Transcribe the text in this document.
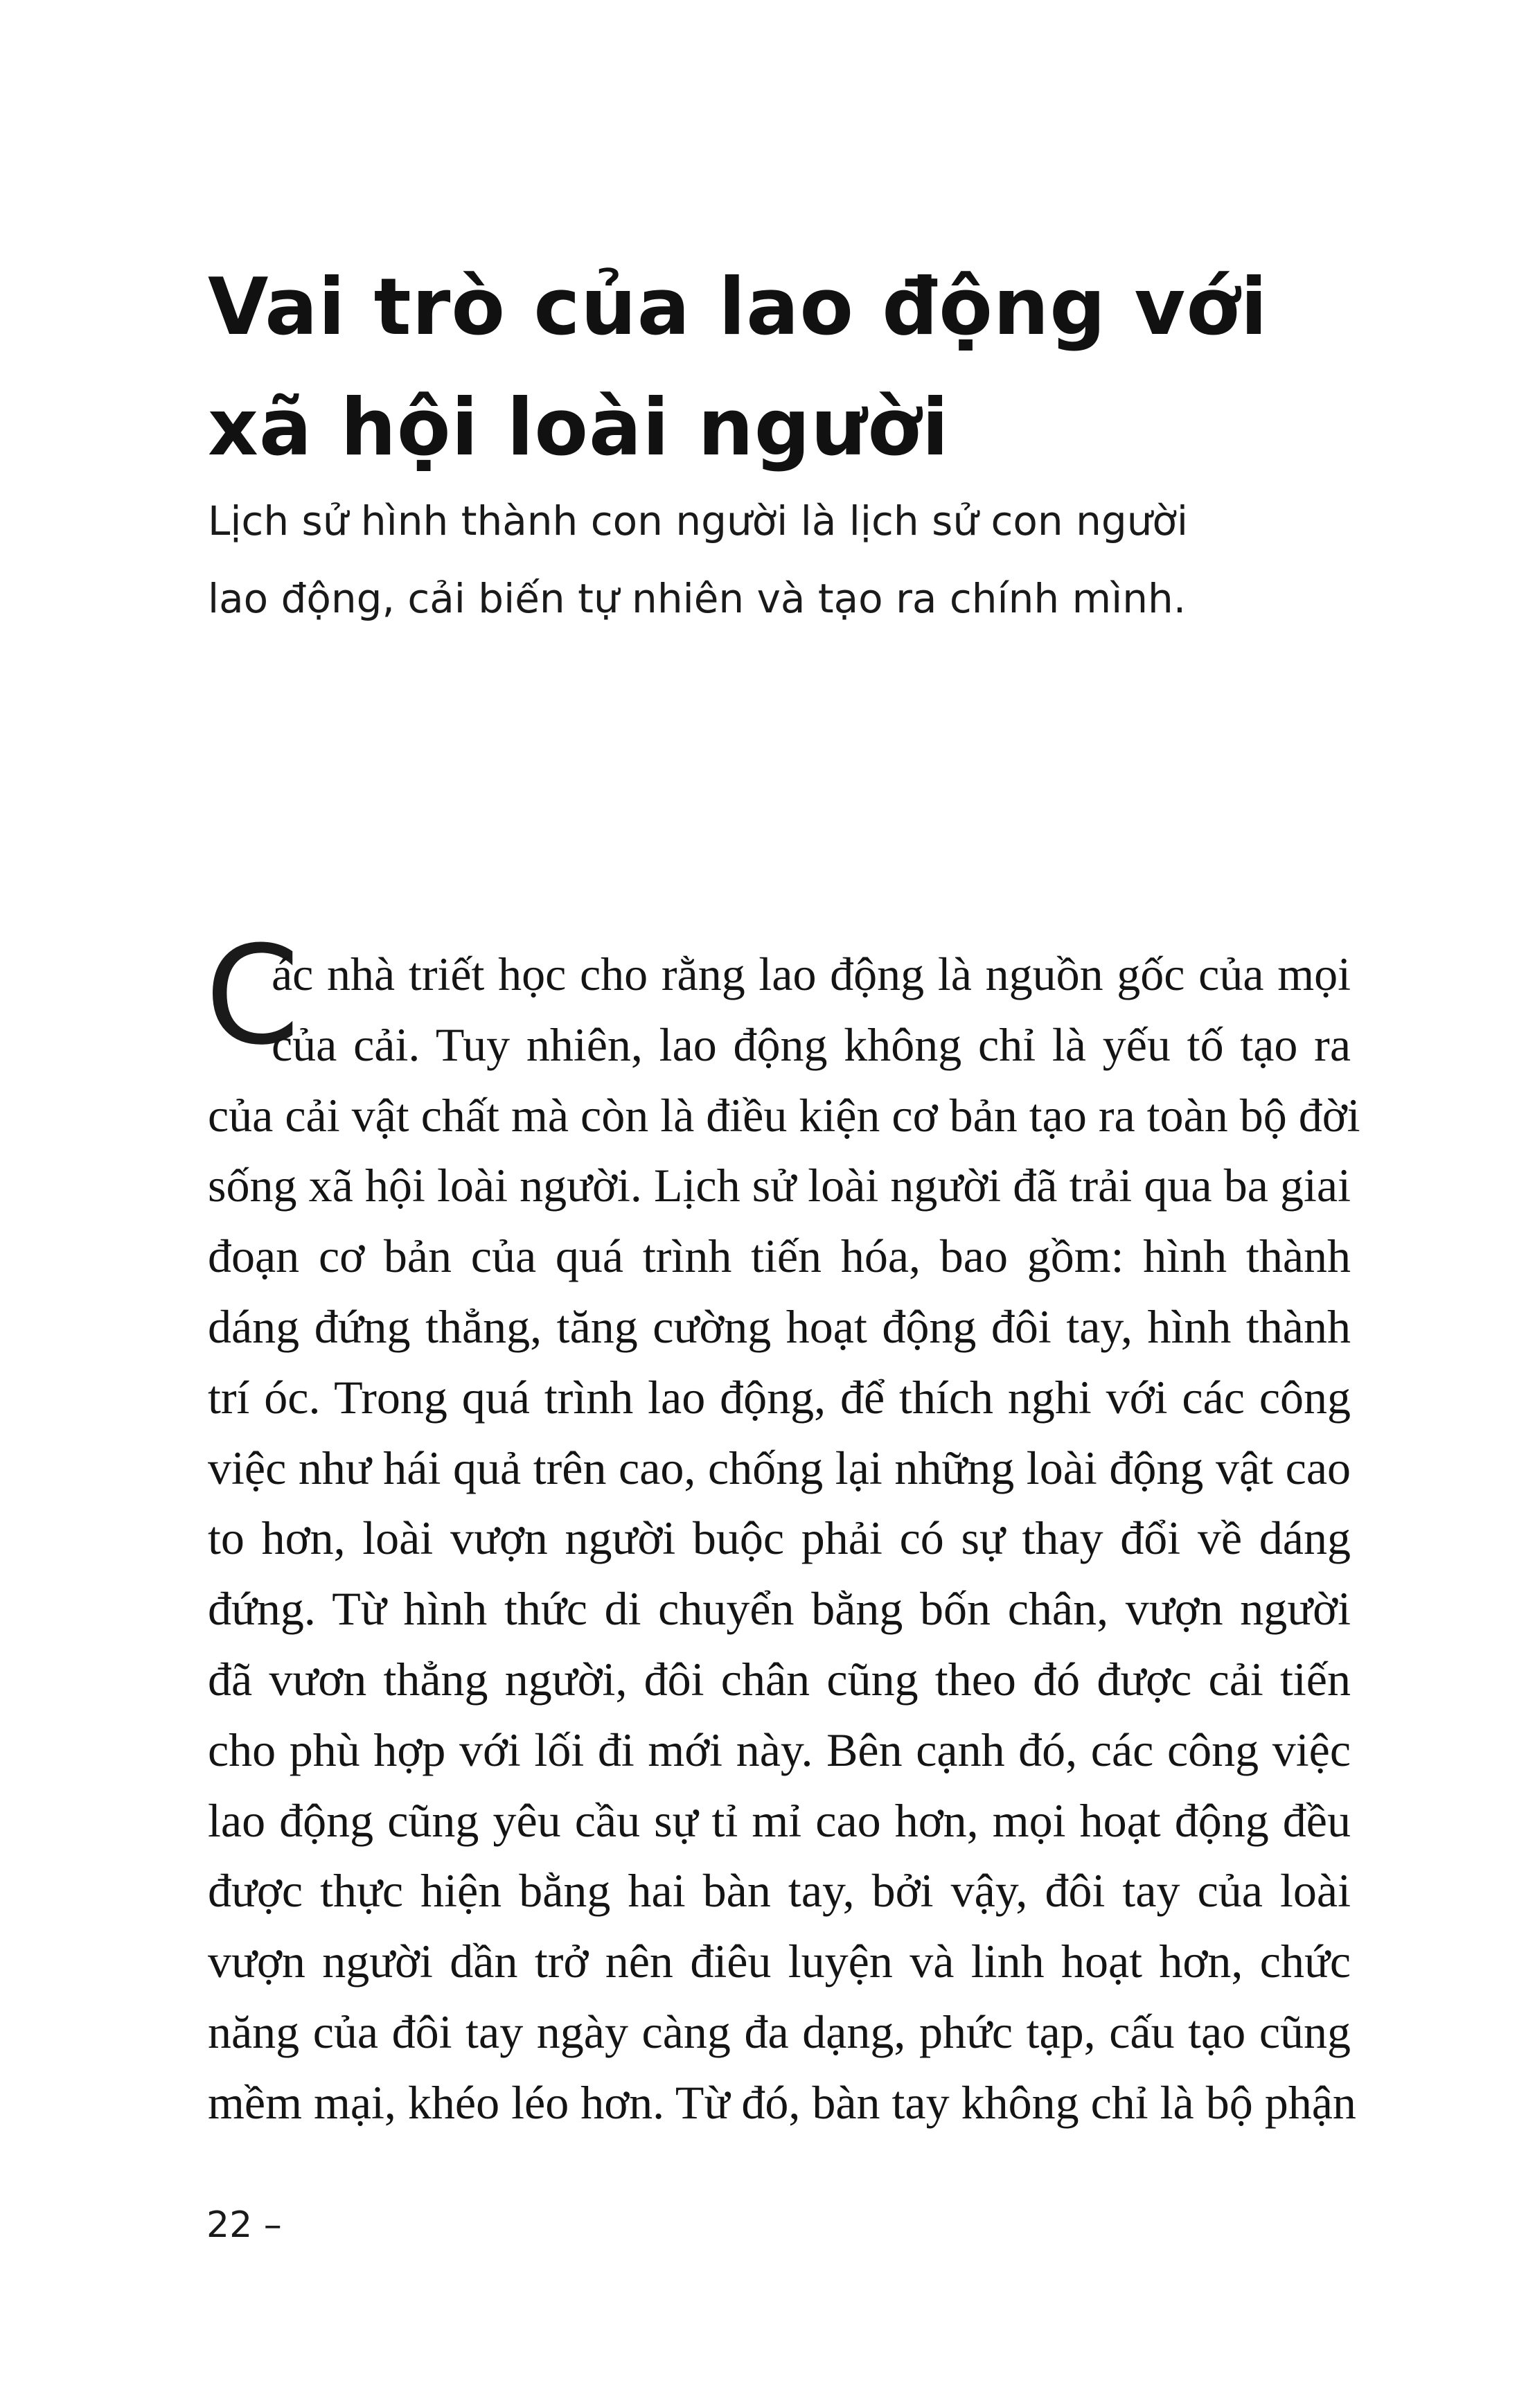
Vai trò của lao động với
xã hội loài người

Lịch sử hình thành con người là lịch sử con người
lao động, cải biến tự nhiên và tạo ra chính mình.

C
ác nhà triết học cho rằng lao động là nguồn gốc của mọi
của cải. Tuy nhiên, lao động không chỉ là yếu tố tạo ra
của cải vật chất mà còn là điều kiện cơ bản tạo ra toàn bộ đời
sống xã hội loài người. Lịch sử loài người đã trải qua ba giai
đoạn cơ bản của quá trình tiến hóa, bao gồm: hình thành
dáng đứng thẳng, tăng cường hoạt động đôi tay, hình thành
trí óc. Trong quá trình lao động, để thích nghi với các công
việc như hái quả trên cao, chống lại những loài động vật cao
to hơn, loài vượn người buộc phải có sự thay đổi về dáng
đứng. Từ hình thức di chuyển bằng bốn chân, vượn người
đã vươn thẳng người, đôi chân cũng theo đó được cải tiến
cho phù hợp với lối đi mới này. Bên cạnh đó, các công việc
lao động cũng yêu cầu sự tỉ mỉ cao hơn, mọi hoạt động đều
được thực hiện bằng hai bàn tay, bởi vậy, đôi tay của loài
vượn người dần trở nên điêu luyện và linh hoạt hơn, chức
năng của đôi tay ngày càng đa dạng, phức tạp, cấu tạo cũng
mềm mại, khéo léo hơn. Từ đó, bàn tay không chỉ là bộ phận
22 –
